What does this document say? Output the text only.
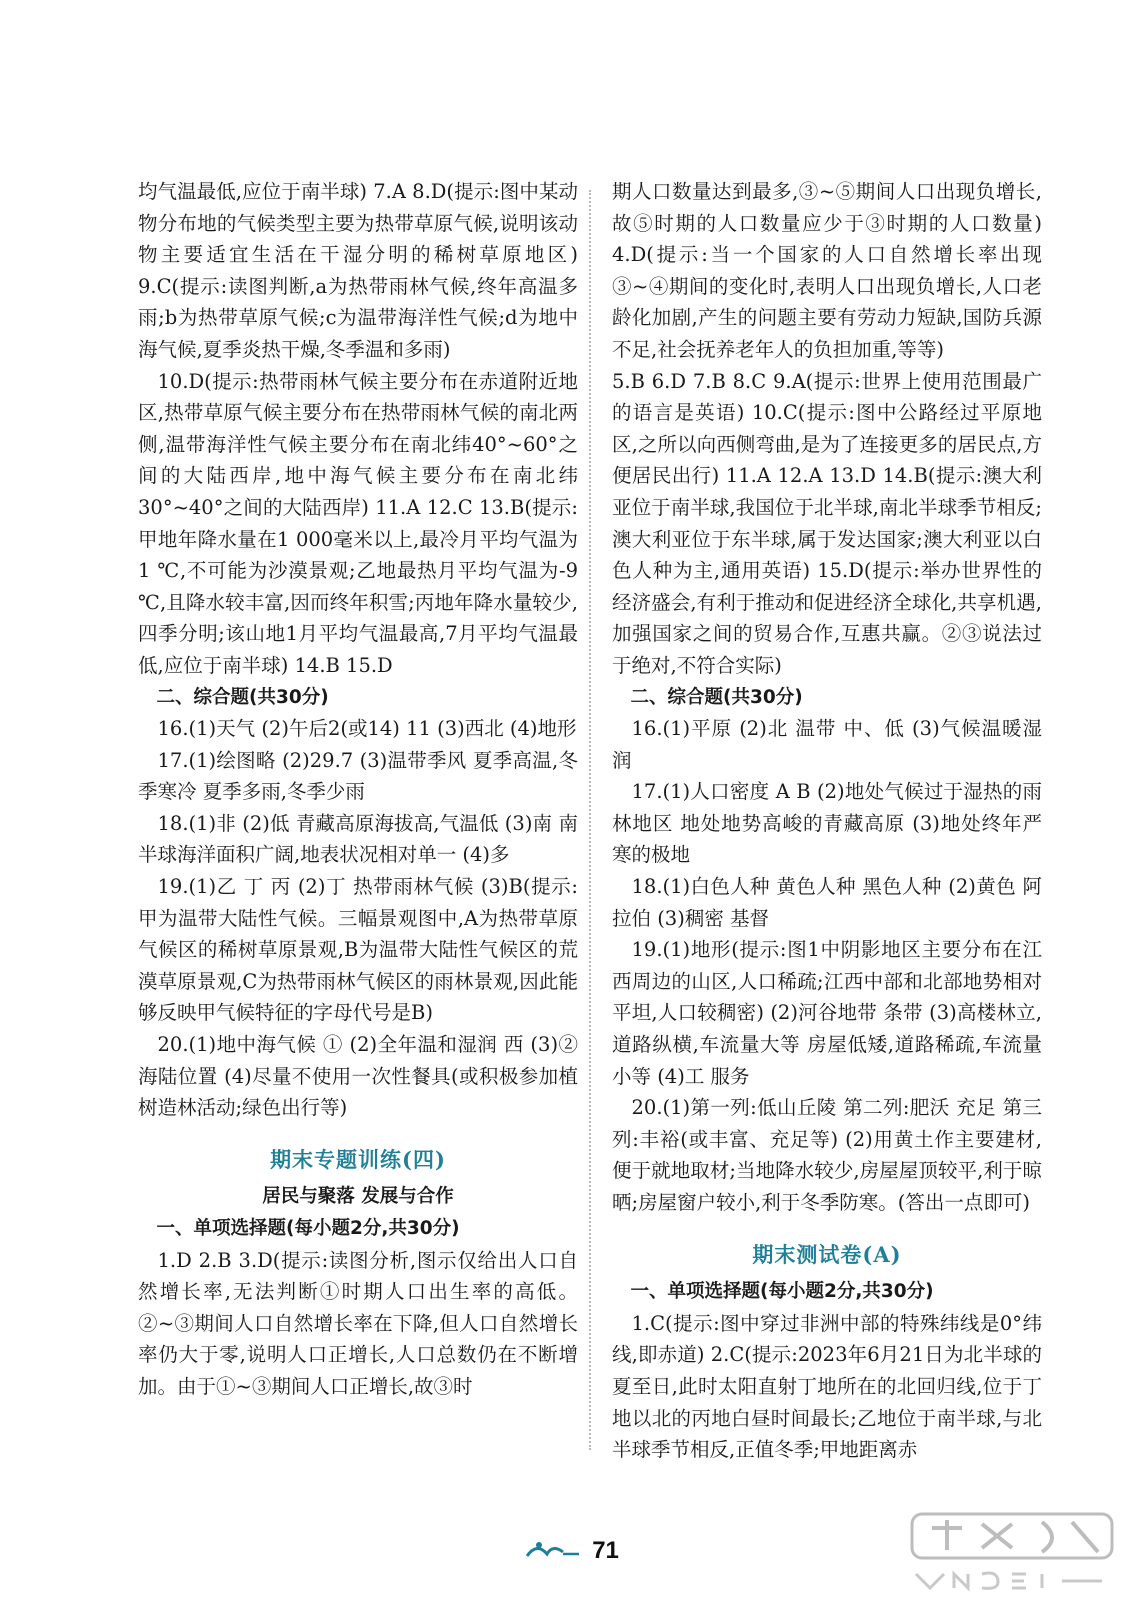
均气温最低,应位于南半球) 7.A 8.D(提示:图中某动物分布地的气候类型主要为热带草原气候,说明该动物主要适宜生活在干湿分明的稀树草原地区) 9.C(提示:读图判断,a为热带雨林气候,终年高温多雨;b为热带草原气候;c为温带海洋性气候;d为地中海气候,夏季炎热干燥,冬季温和多雨)

10.D(提示:热带雨林气候主要分布在赤道附近地区,热带草原气候主要分布在热带雨林气候的南北两侧,温带海洋性气候主要分布在南北纬40°~60°之间的大陆西岸,地中海气候主要分布在南北纬30°~40°之间的大陆西岸) 11.A 12.C 13.B(提示:甲地年降水量在1 000毫米以上,最冷月平均气温为1 ℃,不可能为沙漠景观;乙地最热月平均气温为-9 ℃,且降水较丰富,因而终年积雪;丙地年降水量较少,四季分明;该山地1月平均气温最高,7月平均气温最低,应位于南半球) 14.B 15.D

二、综合题(共30分)

16.(1)天气 (2)午后2(或14) 11 (3)西北 (4)地形

17.(1)绘图略 (2)29.7 (3)温带季风 夏季高温,冬季寒冷 夏季多雨,冬季少雨

18.(1)非 (2)低 青藏高原海拔高,气温低 (3)南 南半球海洋面积广阔,地表状况相对单一 (4)多

19.(1)乙 丁 丙 (2)丁 热带雨林气候 (3)B(提示:甲为温带大陆性气候。三幅景观图中,A为热带草原气候区的稀树草原景观,B为温带大陆性气候区的荒漠草原景观,C为热带雨林气候区的雨林景观,因此能够反映甲气候特征的字母代号是B)

20.(1)地中海气候 ① (2)全年温和湿润 西 (3)② 海陆位置 (4)尽量不使用一次性餐具(或积极参加植树造林活动;绿色出行等)

期末专题训练(四)
居民与聚落 发展与合作

一、单项选择题(每小题2分,共30分)

1.D 2.B 3.D(提示:读图分析,图示仅给出人口自然增长率,无法判断①时期人口出生率的高低。②~③期间人口自然增长率在下降,但人口自然增长率仍大于零,说明人口正增长,人口总数仍在不断增加。由于①~③期间人口正增长,故③时

期人口数量达到最多,③~⑤期间人口出现负增长,故⑤时期的人口数量应少于③时期的人口数量) 4.D(提示:当一个国家的人口自然增长率出现③~④期间的变化时,表明人口出现负增长,人口老龄化加剧,产生的问题主要有劳动力短缺,国防兵源不足,社会抚养老年人的负担加重,等等)

5.B 6.D 7.B 8.C 9.A(提示:世界上使用范围最广的语言是英语) 10.C(提示:图中公路经过平原地区,之所以向西侧弯曲,是为了连接更多的居民点,方便居民出行) 11.A 12.A 13.D 14.B(提示:澳大利亚位于南半球,我国位于北半球,南北半球季节相反;澳大利亚位于东半球,属于发达国家;澳大利亚以白色人种为主,通用英语) 15.D(提示:举办世界性的经济盛会,有利于推动和促进经济全球化,共享机遇,加强国家之间的贸易合作,互惠共赢。②③说法过于绝对,不符合实际)

二、综合题(共30分)

16.(1)平原 (2)北 温带 中、低 (3)气候温暖湿润

17.(1)人口密度 A B (2)地处气候过于湿热的雨林地区 地处地势高峻的青藏高原 (3)地处终年严寒的极地

18.(1)白色人种 黄色人种 黑色人种 (2)黄色 阿拉伯 (3)稠密 基督

19.(1)地形(提示:图1中阴影地区主要分布在江西周边的山区,人口稀疏;江西中部和北部地势相对平坦,人口较稠密) (2)河谷地带 条带 (3)高楼林立,道路纵横,车流量大等 房屋低矮,道路稀疏,车流量小等 (4)工 服务

20.(1)第一列:低山丘陵 第二列:肥沃 充足 第三列:丰裕(或丰富、充足等) (2)用黄土作主要建材,便于就地取材;当地降水较少,房屋屋顶较平,利于晾晒;房屋窗户较小,利于冬季防寒。(答出一点即可)

期末测试卷(A)

一、单项选择题(每小题2分,共30分)

1.C(提示:图中穿过非洲中部的特殊纬线是0°纬线,即赤道) 2.C(提示:2023年6月21日为北半球的夏至日,此时太阳直射丁地所在的北回归线,位于丁地以北的丙地白昼时间最长;乙地位于南半球,与北半球季节相反,正值冬季;甲地距离赤

71
